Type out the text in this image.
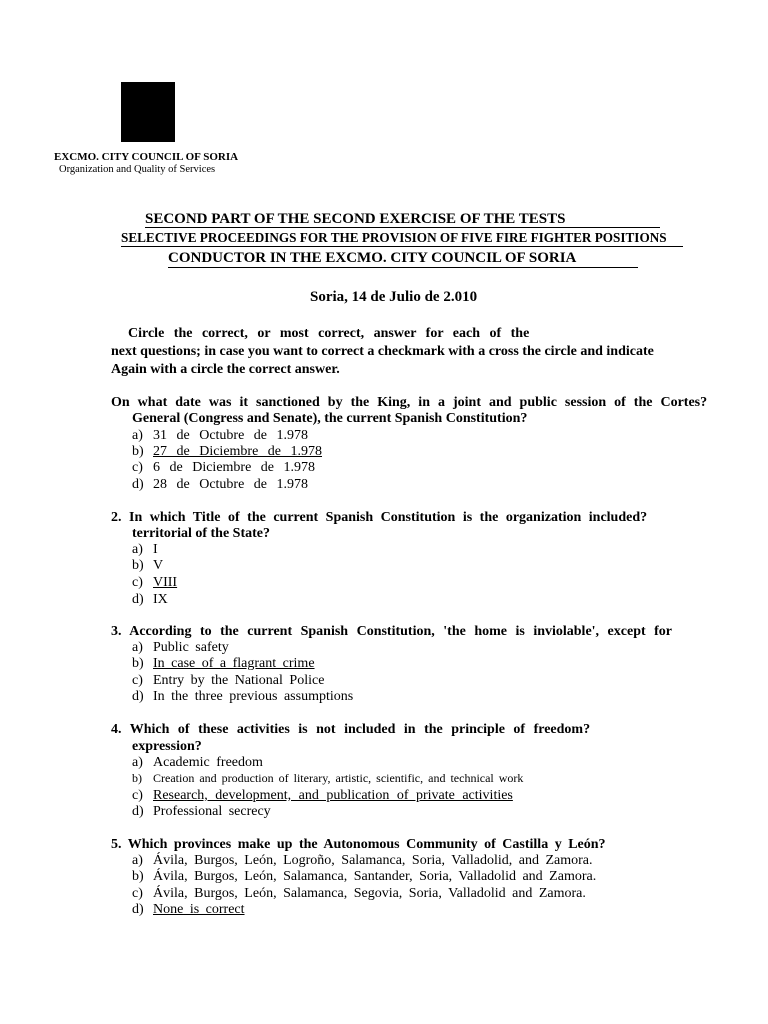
EXCMO. CITY COUNCIL OF SORIA
Organization and Quality of Services
SECOND PART OF THE SECOND EXERCISE OF THE TESTS
SELECTIVE PROCEEDINGS FOR THE PROVISION OF FIVE FIRE FIGHTER POSITIONS
CONDUCTOR IN THE EXCMO. CITY COUNCIL OF SORIA
Soria, 14 de Julio de 2.010
Circle the correct, or most correct, answer for each of the
next questions; in case you want to correct a checkmark with a cross the circle and indicate
Again with a circle the correct answer.
On what date was it sanctioned by the King, in a joint and public session of the Cortes?
General (Congress and Senate), the current Spanish Constitution?
a) 31 de Octubre de 1.978
b) 27 de Diciembre de 1.978
c) 6 de Diciembre de 1.978
d) 28 de Octubre de 1.978
2. In which Title of the current Spanish Constitution is the organization included?
territorial of the State?
a) I
b) V
c) VIII
d) IX
3. According to the current Spanish Constitution, 'the home is inviolable', except for
a) Public safety
b) In case of a flagrant crime
c) Entry by the National Police
d) In the three previous assumptions
4. Which of these activities is not included in the principle of freedom?
expression?
a) Academic freedom
b) Creation and production of literary, artistic, scientific, and technical work
c) Research, development, and publication of private activities
d) Professional secrecy
5. Which provinces make up the Autonomous Community of Castilla y León?
a) Ávila, Burgos, León, Logroño, Salamanca, Soria, Valladolid, and Zamora.
b) Ávila, Burgos, León, Salamanca, Santander, Soria, Valladolid and Zamora.
c) Ávila, Burgos, León, Salamanca, Segovia, Soria, Valladolid and Zamora.
d) None is correct
